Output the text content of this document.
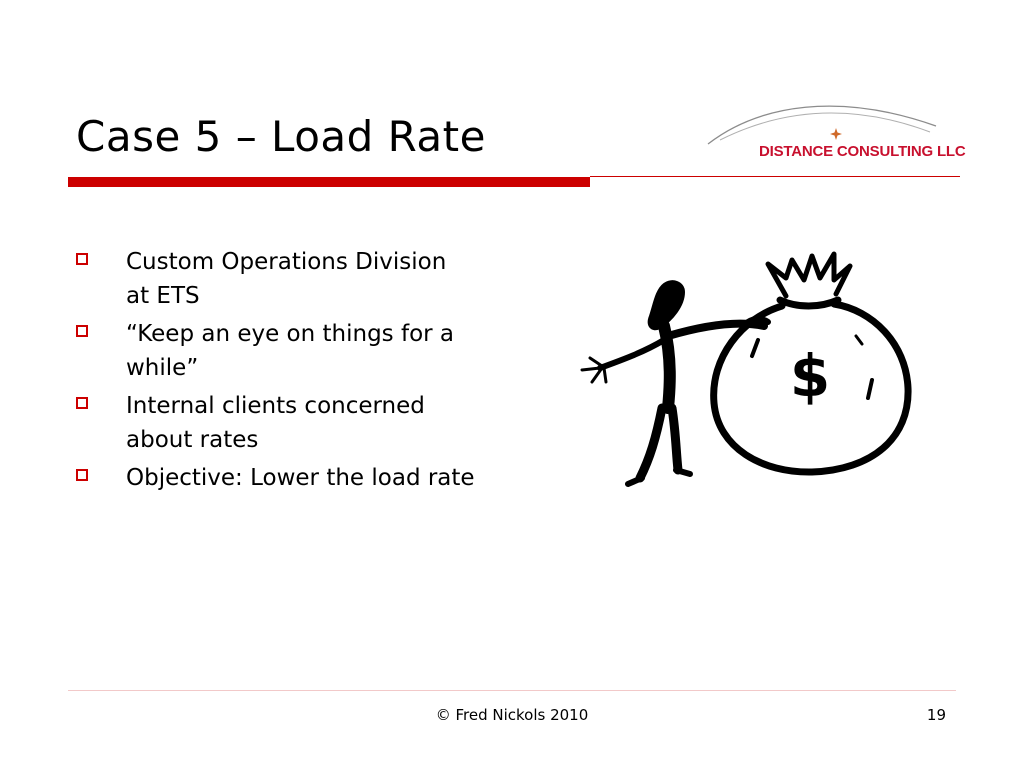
Case 5 – Load Rate	DISTANCE CONSULTING LLC
Custom Operations Division at ETS
“Keep an eye on things for a while”
Internal clients concerned about rates
Objective: Lower the load rate
$
© Fred Nickols 2010	19
